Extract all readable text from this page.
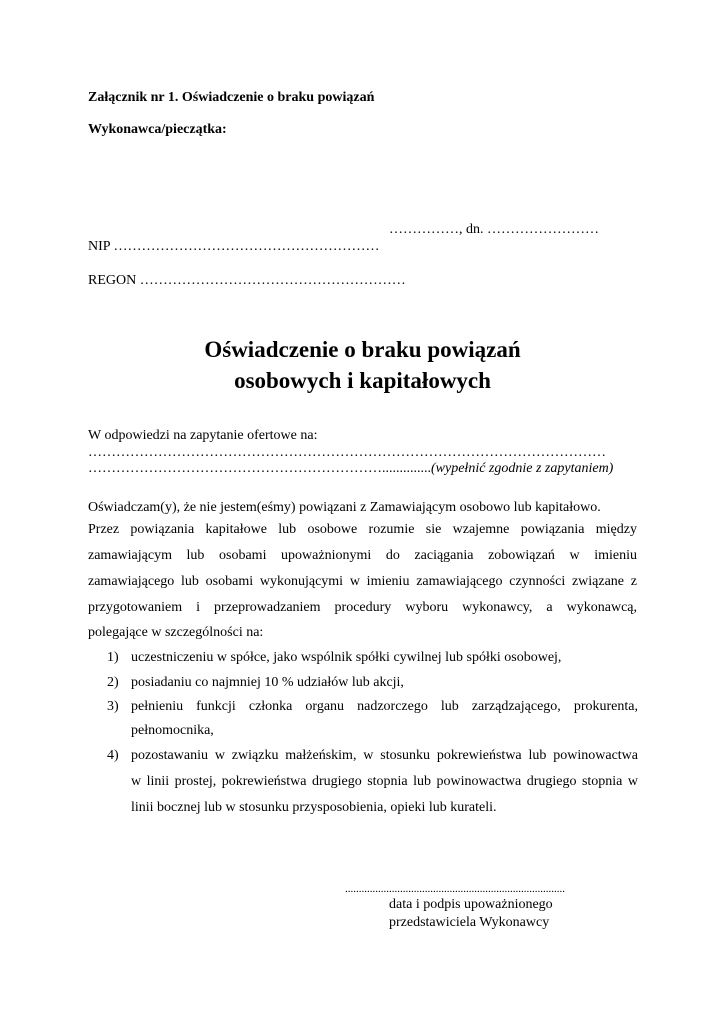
Załącznik nr 1. Oświadczenie o braku powiązań
Wykonawca/pieczątka:
……………, dn. ……………………
NIP …………………………………………………
REGON …………………………………………………
Oświadczenie o braku powiązań
osobowych i kapitałowych
W odpowiedzi na zapytanie ofertowe na:
…………………………………………………………………………………………………
………………………………………………………..............(wypełnić zgodnie z zapytaniem)
Oświadczam(y), że nie jestem(eśmy) powiązani z Zamawiającym osobowo lub kapitałowo.
Przez powiązania kapitałowe lub osobowe rozumie sie wzajemne powiązania między
zamawiającym lub osobami upoważnionymi do zaciągania zobowiązań w imieniu
zamawiającego lub osobami wykonującymi w imieniu zamawiającego czynności związane z
przygotowaniem i przeprowadzaniem procedury wyboru wykonawcy, a wykonawcą,
polegające w szczególności na:
1) uczestniczeniu w spółce, jako wspólnik spółki cywilnej lub spółki osobowej,
2) posiadaniu co najmniej 10 % udziałów lub akcji,
3) pełnieniu funkcji członka organu nadzorczego lub zarządzającego, prokurenta,
pełnomocnika,
4) pozostawaniu w związku małżeńskim, w stosunku pokrewieństwa lub powinowactwa
w linii prostej, pokrewieństwa drugiego stopnia lub powinowactwa drugiego stopnia w
linii bocznej lub w stosunku przysposobienia, opieki lub kurateli.
................................................................................
data i podpis upoważnionego
przedstawiciela Wykonawcy
